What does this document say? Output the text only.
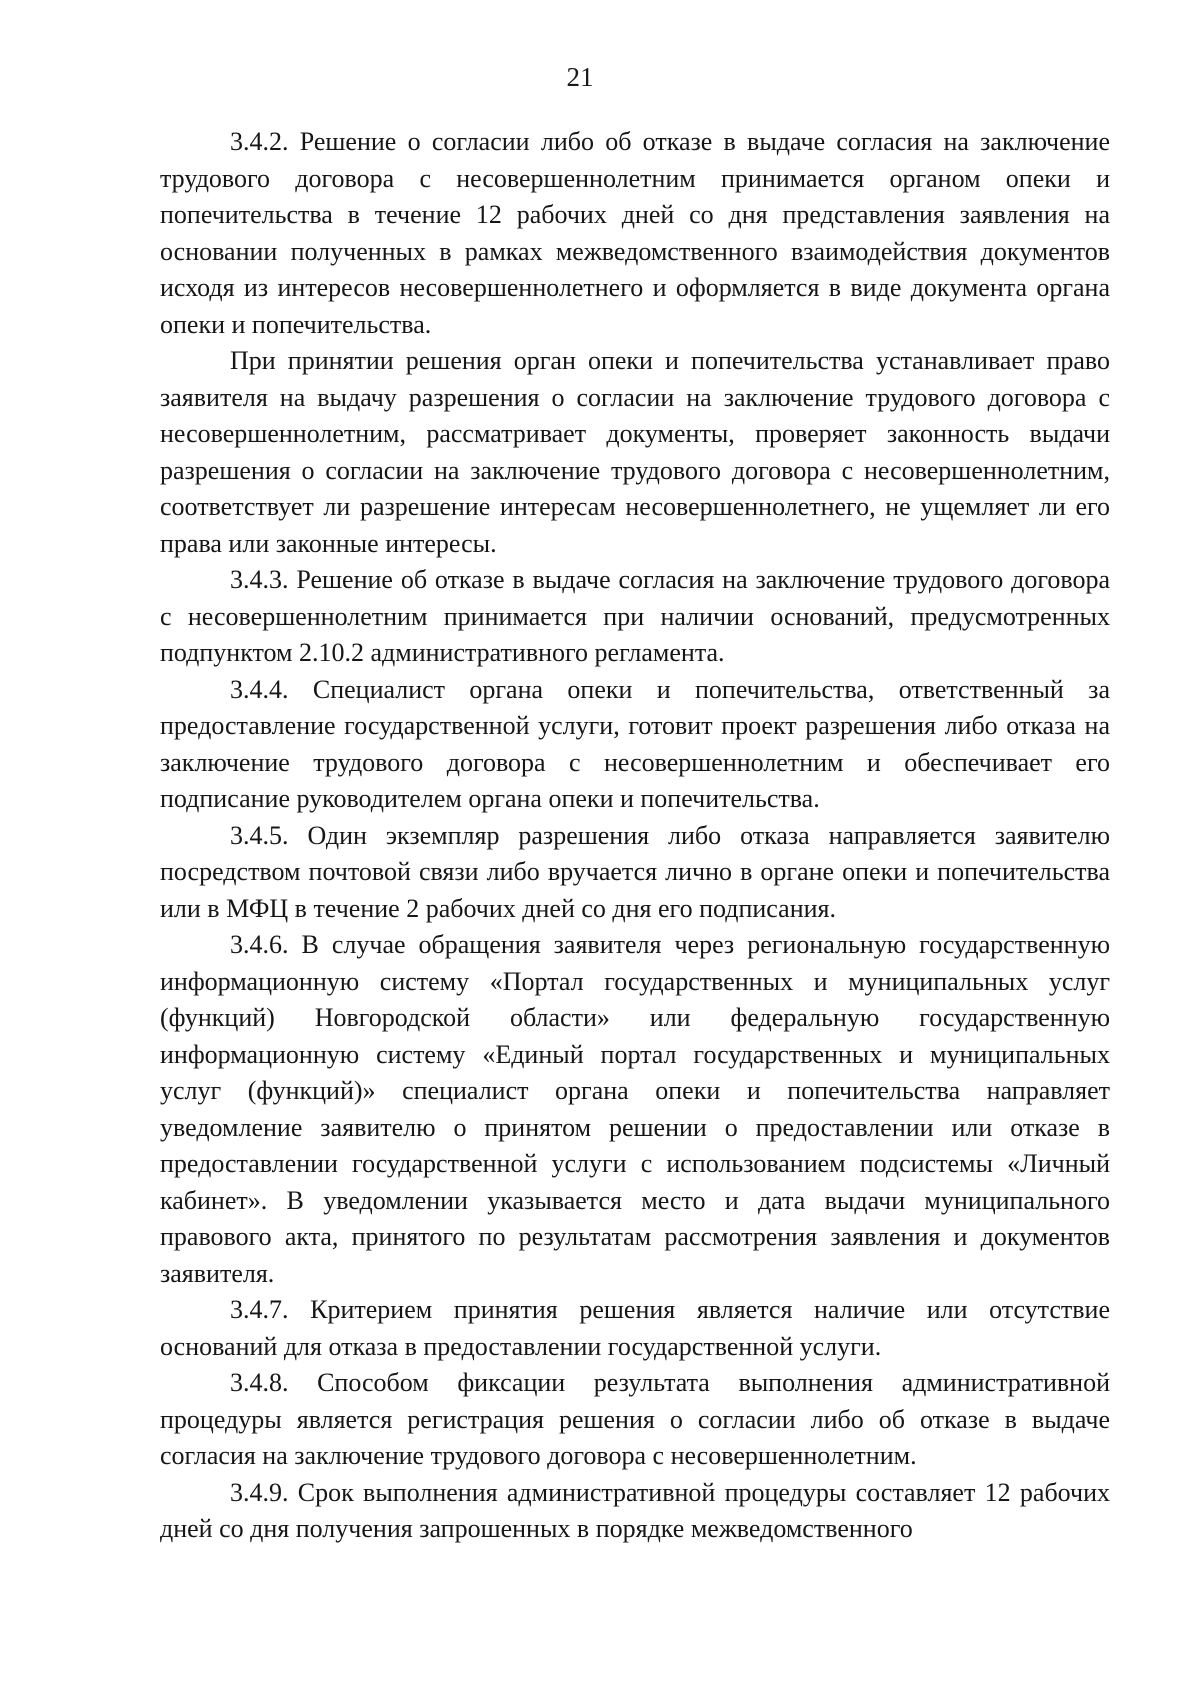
21

3.4.2. Решение о согласии либо об отказе в выдаче согласия на заключение трудового договора с несовершеннолетним принимается органом опеки и попечительства в течение 12 рабочих дней со дня представления заявления на основании полученных в рамках межведомственного взаимодействия документов исходя из интересов несовершеннолетнего и оформляется в виде документа органа опеки и попечительства.

При принятии решения орган опеки и попечительства устанавливает право заявителя на выдачу разрешения о согласии на заключение трудового договора с несовершеннолетним, рассматривает документы, проверяет законность выдачи разрешения о согласии на заключение трудового договора с несовершеннолетним, соответствует ли разрешение интересам несовершеннолетнего, не ущемляет ли его права или законные интересы.

3.4.3. Решение об отказе в выдаче согласия на заключение трудового договора с несовершеннолетним принимается при наличии оснований, предусмотренных подпунктом 2.10.2 административного регламента.

3.4.4. Специалист органа опеки и попечительства, ответственный за предоставление государственной услуги, готовит проект разрешения либо отказа на заключение трудового договора с несовершеннолетним и обеспечивает его подписание руководителем органа опеки и попечительства.

3.4.5. Один экземпляр разрешения либо отказа направляется заявителю посредством почтовой связи либо вручается лично в органе опеки и попечительства или в МФЦ в течение 2 рабочих дней со дня его подписания.

3.4.6. В случае обращения заявителя через региональную государственную информационную систему «Портал государственных и муниципальных услуг (функций) Новгородской области» или федеральную государственную информационную систему «Единый портал государственных и муниципальных услуг (функций)» специалист органа опеки и попечительства направляет уведомление заявителю о принятом решении о предоставлении или отказе в предоставлении государственной услуги с использованием подсистемы «Личный кабинет». В уведомлении указывается место и дата выдачи муниципального правового акта, принятого по результатам рассмотрения заявления и документов заявителя.

3.4.7. Критерием принятия решения является наличие или отсутствие оснований для отказа в предоставлении государственной услуги.

3.4.8. Способом фиксации результата выполнения административной процедуры является регистрация решения о согласии либо об отказе в выдаче согласия на заключение трудового договора с несовершеннолетним.

3.4.9. Срок выполнения административной процедуры составляет 12 рабочих дней со дня получения запрошенных в порядке межведомственного
